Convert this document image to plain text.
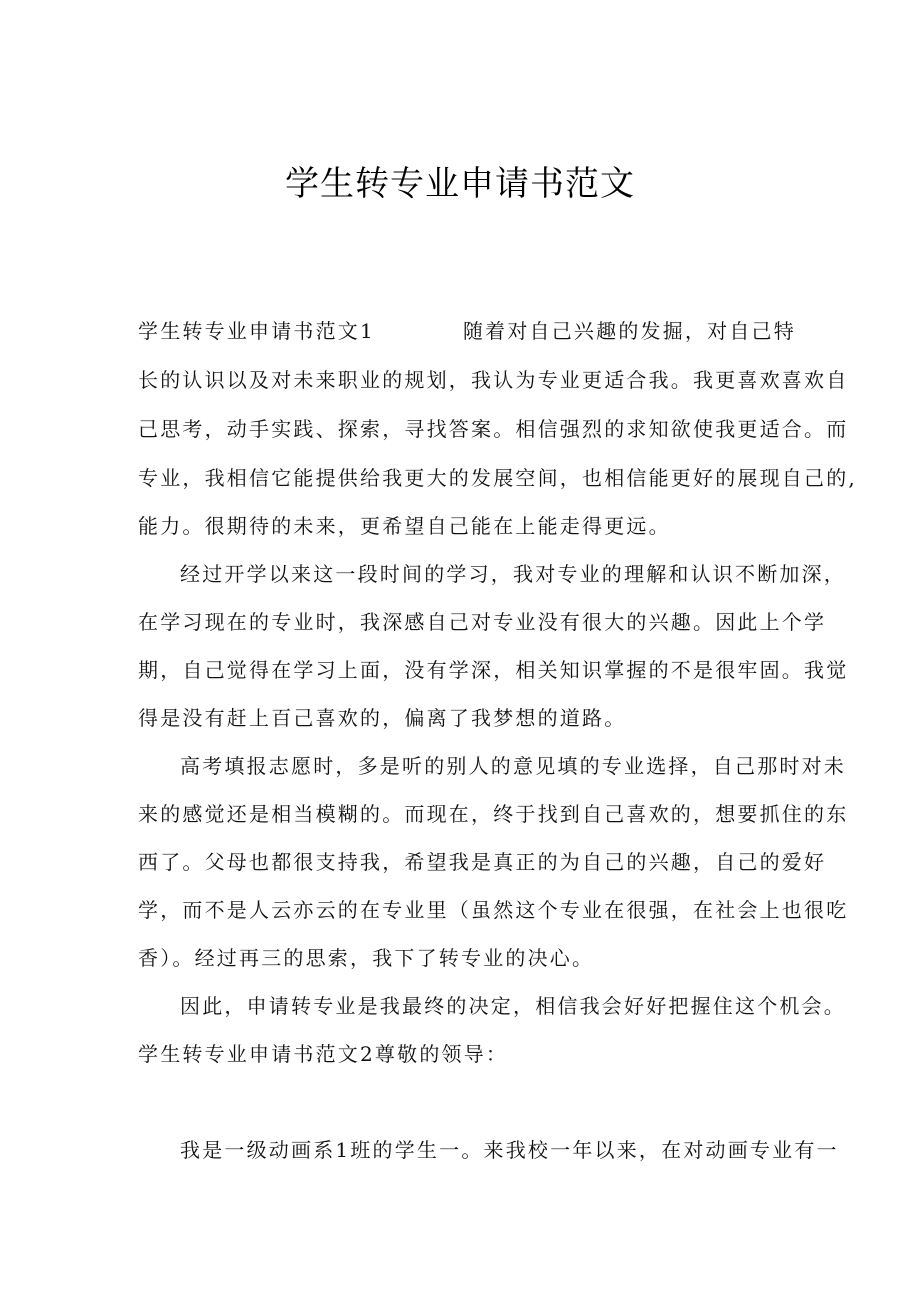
学生转专业申请书范文
学生转专业申请书范文1	随着对自己兴趣的发掘，对自己特
长的认识以及对未来职业的规划，我认为专业更适合我。我更喜欢喜欢自
己思考，动手实践、探索，寻找答案。相信强烈的求知欲使我更适合。而
专业，我相信它能提供给我更大的发展空间，也相信能更好的展现自己的,
能力。很期待的未来，更希望自己能在上能走得更远。
经过开学以来这一段时间的学习，我对专业的理解和认识不断加深，
在学习现在的专业时，我深感自己对专业没有很大的兴趣。因此上个学
期，自己觉得在学习上面，没有学深，相关知识掌握的不是很牢固。我觉
得是没有赶上百己喜欢的，偏离了我梦想的道路。
高考填报志愿时，多是听的别人的意见填的专业选择，自己那时对未
来的感觉还是相当模糊的。而现在，终于找到自己喜欢的，想要抓住的东
西了。父母也都很支持我，希望我是真正的为自己的兴趣，自己的爱好
学，而不是人云亦云的在专业里（虽然这个专业在很强，在社会上也很吃
香）。经过再三的思索，我下了转专业的决心。
因此，申请转专业是我最终的决定，相信我会好好把握住这个机会。
学生转专业申请书范文2尊敬的领导：
我是一级动画系1班的学生一。来我校一年以来，在对动画专业有一
